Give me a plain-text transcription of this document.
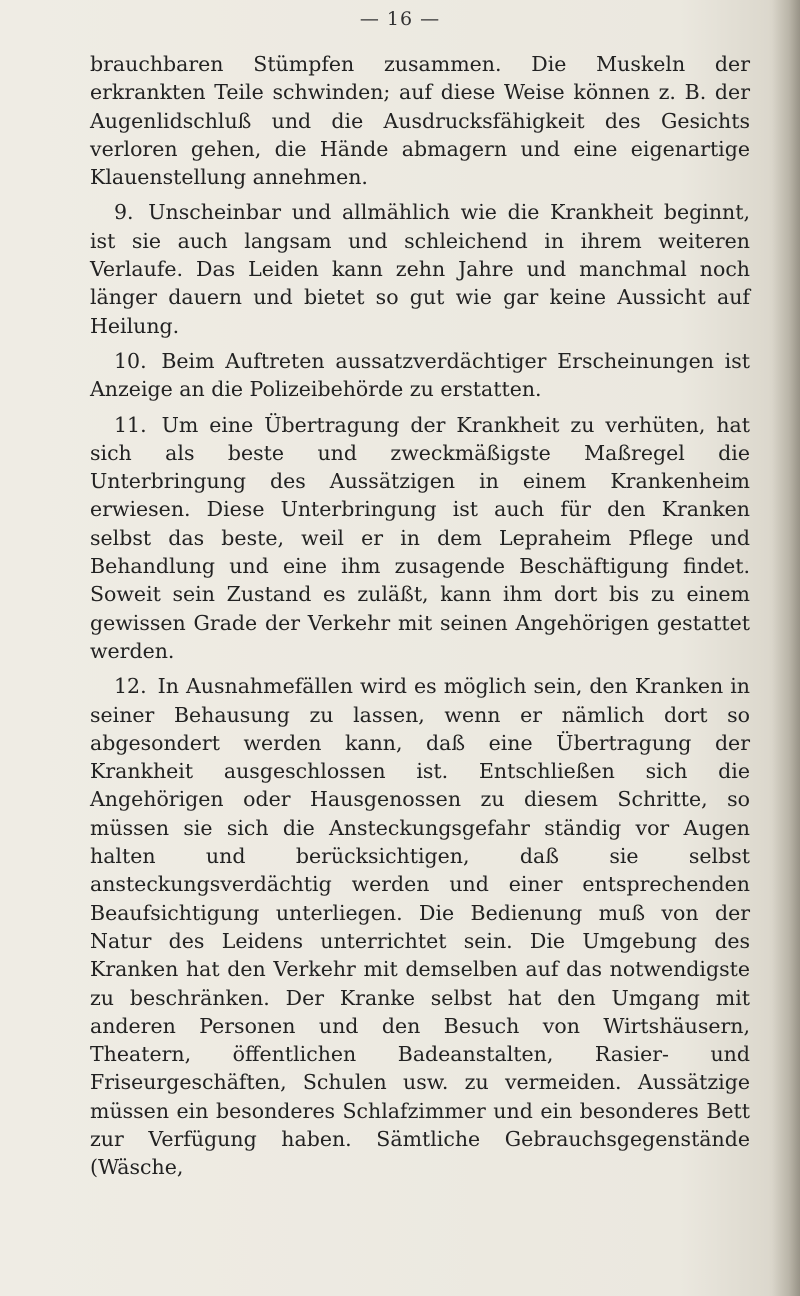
— 16 —

brauchbaren Stümpfen zusammen. Die Muskeln der erkrankten Teile schwinden; auf diese Weise können z. B. der Augenlidschluß und die Ausdrucksfähigkeit des Gesichts verloren gehen, die Hände abmagern und eine eigenartige Klauenstellung annehmen.

9. Unscheinbar und allmählich wie die Krankheit beginnt, ist sie auch langsam und schleichend in ihrem weiteren Verlaufe. Das Leiden kann zehn Jahre und manchmal noch länger dauern und bietet so gut wie gar keine Aussicht auf Heilung.

10. Beim Auftreten aussatzverdächtiger Erscheinungen ist Anzeige an die Polizeibehörde zu erstatten.

11. Um eine Übertragung der Krankheit zu verhüten, hat sich als beste und zweckmäßigste Maßregel die Unterbringung des Aussätzigen in einem Krankenheim erwiesen. Diese Unterbringung ist auch für den Kranken selbst das beste, weil er in dem Lepraheim Pflege und Behandlung und eine ihm zusagende Beschäftigung findet. Soweit sein Zustand es zuläßt, kann ihm dort bis zu einem gewissen Grade der Verkehr mit seinen Angehörigen gestattet werden.

12. In Ausnahmefällen wird es möglich sein, den Kranken in seiner Behausung zu lassen, wenn er nämlich dort so abgesondert werden kann, daß eine Übertragung der Krankheit ausgeschlossen ist. Entschließen sich die Angehörigen oder Hausgenossen zu diesem Schritte, so müssen sie sich die Ansteckungsgefahr ständig vor Augen halten und berücksichtigen, daß sie selbst ansteckungsverdächtig werden und einer entsprechenden Beaufsichtigung unterliegen. Die Bedienung muß von der Natur des Leidens unterrichtet sein. Die Umgebung des Kranken hat den Verkehr mit demselben auf das notwendigste zu beschränken. Der Kranke selbst hat den Umgang mit anderen Personen und den Besuch von Wirtshäusern, Theatern, öffentlichen Badeanstalten, Rasier- und Friseurgeschäften, Schulen usw. zu vermeiden. Aussätzige müssen ein besonderes Schlafzimmer und ein besonderes Bett zur Verfügung haben. Sämtliche Gebrauchsgegenstände (Wäsche,
